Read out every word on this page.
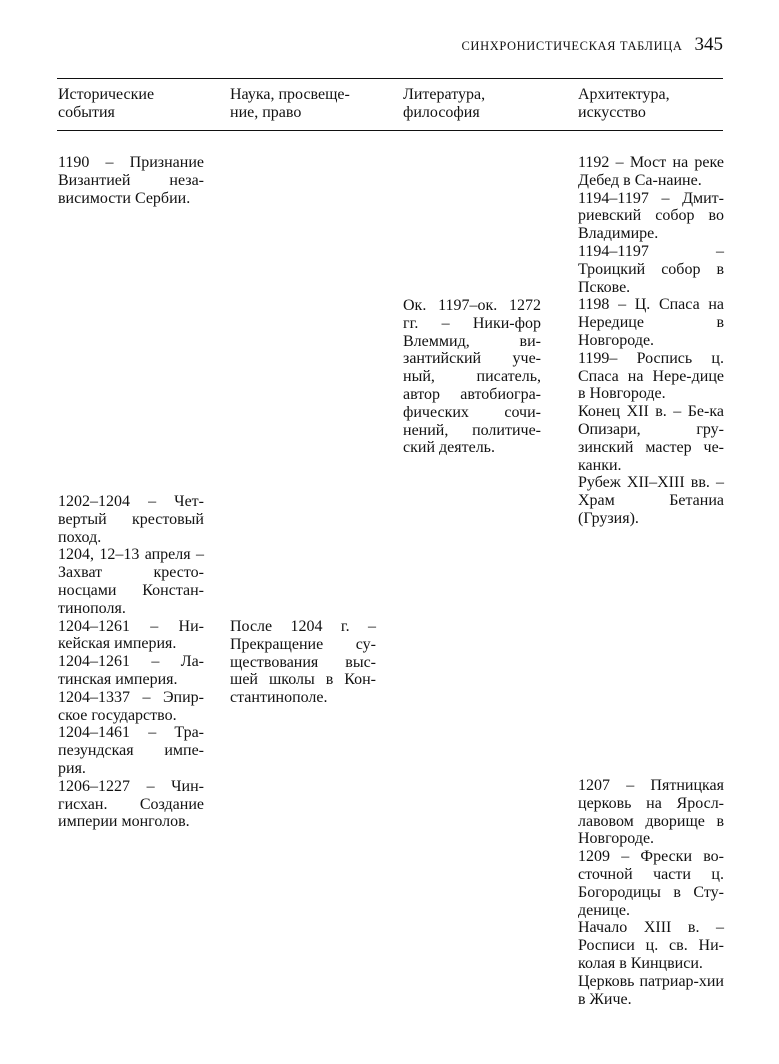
СИНХРОНИСТИЧЕСКАЯ ТАБЛИЦА 345
Исторические события
Наука, просвеще-ние, право
Литература, философия
Архитектура, искусство

1190 – Признание Византией неза-висимости Сербии.

1202–1204 – Чет-вертый крестовый поход.

1204, 12–13 апреля – Захват кресто-носцами Констан-тинополя.

1204–1261 – Ни-кейская империя.

1204–1261 – Ла-тинская империя.

1204–1337 – Эпир-ское государство.

1204–1461 – Тра-пезундская импе-рия.

1206–1227 – Чин-гисхан. Создание империи монголов.

После 1204 г. – Прекращение су-ществования выс-шей школы в Кон-стантинополе.

Ок. 1197–ок. 1272 гг. – Ники-фор Влеммид, ви-зантийский уче-ный, писатель, автор автобиогра-фических сочи-нений, политиче-ский деятель.

1192 – Мост на реке Дебед в Са-наине.

1194–1197 – Дмит-риевский собор во Владимире.

1194–1197 – Троицкий собор в Пскове.

1198 – Ц. Спаса на Нередице в Новгороде.

1199– Роспись ц. Спаса на Нере-дице в Новгороде.

Конец XII в. – Бе-ка Опизари, гру-зинский мастер че-канки.

Рубеж XII–XIII вв. – Храм Бетаниа (Грузия).

1207 – Пятницкая церковь на Яросл-лавовом дворище в Новгороде.

1209 – Фрески во-сточной части ц. Богородицы в Сту-денице.

Начало XIII в. – Росписи ц. св. Ни-колая в Кинцвиси.

Церковь патриар-хии в Жиче.
